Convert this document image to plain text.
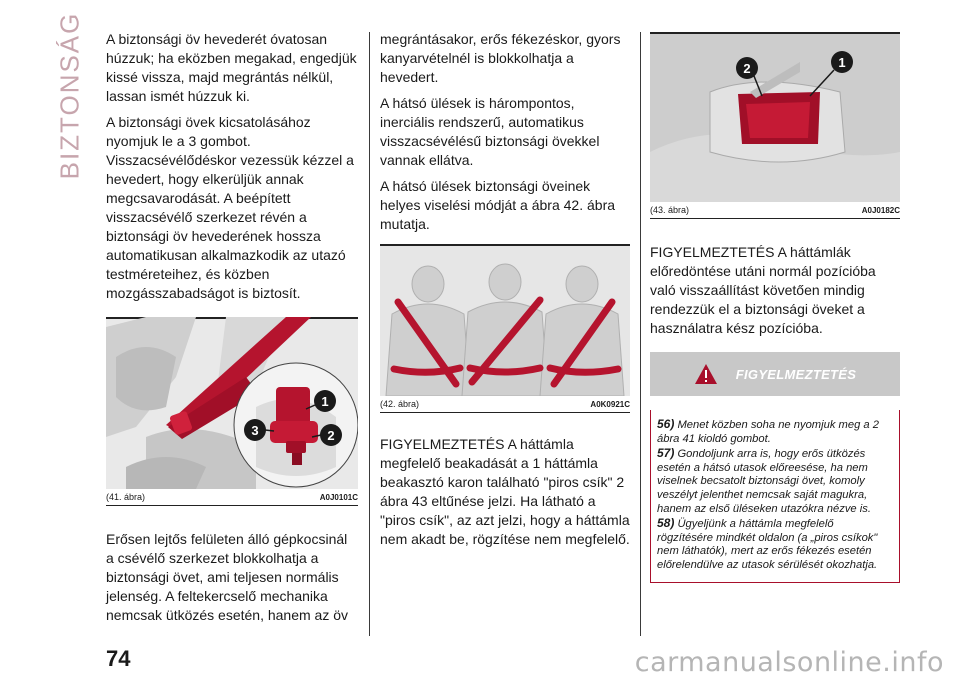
BIZTONSÁG A biztonsági öv hevederét óvatosan húzzuk; ha eközben megakad, engedjük kissé vissza, majd megrántás nélkül, lassan ismét húzzuk ki.

A biztonsági övek kicsatolásához nyomjuk le a 3 gombot. Visszacsévélődéskor vezessük kézzel a hevedert, hogy elkerüljük annak megcsavarodását. A beépített visszacsévélő szerkezet révén a biztonsági öv hevederének hossza automatikusan alkalmazkodik az utazó testméreteihez, és közben mozgásszabadságot is biztosít.

1
2
3
(41. ábra)	A0J0101C

Erősen lejtős felületen álló gépkocsinál a csévélő szerkezet blokkolhatja a biztonsági övet, ami teljesen normális jelenség. A feltekercselő mechanika nemcsak ütközés esetén, hanem az öv

megrántásakor, erős fékezéskor, gyors kanyarvételnél is blokkolhatja a hevedert.

A hátsó ülések is hárompontos, inerciális rendszerű, automatikus visszacsévélésű biztonsági övekkel vannak ellátva.

A hátsó ülések biztonsági öveinek helyes viselési módját a ábra 42. ábra mutatja.

(42. ábra)	A0K0921C

FIGYELMEZTETÉS A háttámla megfelelő beakadását a 1 háttámla beakasztó karon található "piros csík" 2 ábra 43 eltűnése jelzi. Ha látható a "piros csík", az azt jelzi, hogy a háttámla nem akadt be, rögzítése nem megfelelő.

2	1
(43. ábra)	A0J0182C

FIGYELMEZTETÉS A háttámlák előredöntése utáni normál pozícióba való visszaállítást követően mindig rendezzük el a biztonsági öveket a használatra kész pozícióba.

FIGYELMEZTETÉS

56) Menet közben soha ne nyomjuk meg a 2 ábra 41 kioldó gombot.

57) Gondoljunk arra is, hogy erős ütközés esetén a hátsó utasok előreesése, ha nem viselnek becsatolt biztonsági övet, komoly veszélyt jelenthet nemcsak saját magukra, hanem az első üléseken utazókra nézve is.

58) Ügyeljünk a háttámla megfelelő rögzítésére mindkét oldalon (a „piros csíkok" nem láthatók), mert az erős fékezés esetén előrelendülve az utasok sérülését okozhatja.

74	carmanualsonline.info
